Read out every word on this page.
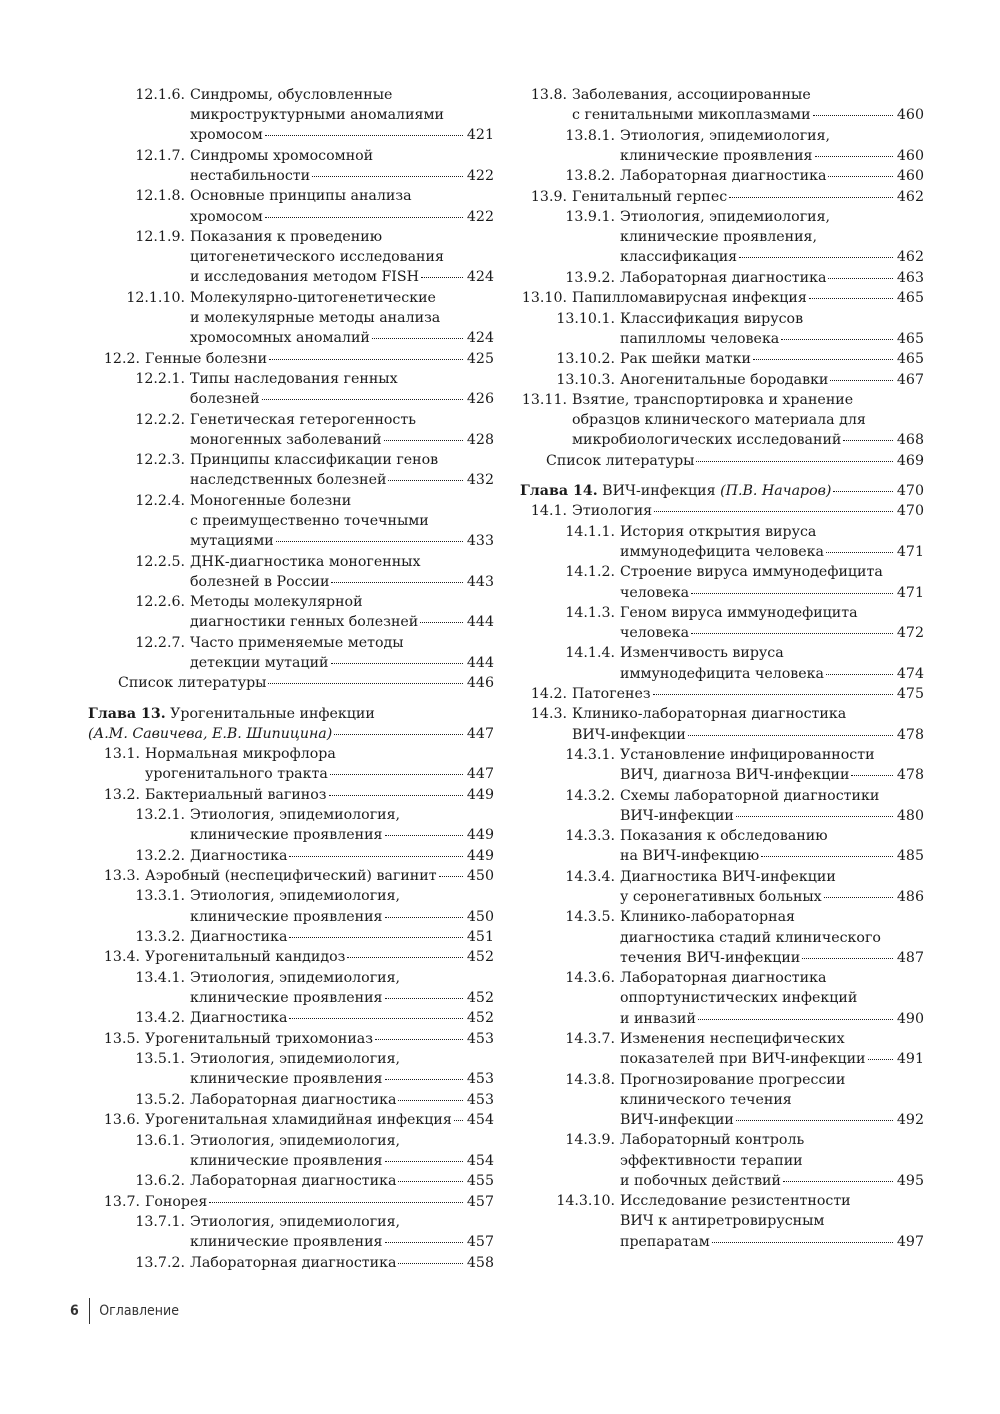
12.1.6. Синдромы, обусловленные
микроструктурными аномалиями
хромосом	421
12.1.7. Синдромы хромосомной
нестабильности	422
12.1.8. Основные принципы анализа
хромосом	422
12.1.9. Показания к проведению
цитогенетического исследования
и исследования методом FISH	424
12.1.10. Молекулярно-цитогенетические
и молекулярные методы анализа
хромосомных аномалий	424
12.2. Генные болезни	425
12.2.1. Типы наследования генных
болезней	426
12.2.2. Генетическая гетерогенность
моногенных заболеваний	428
12.2.3. Принципы классификации генов
наследственных болезней	432
12.2.4. Моногенные болезни
с преимущественно точечными
мутациями	433
12.2.5. ДНК-диагностика моногенных
болезней в России	443
12.2.6. Методы молекулярной
диагностики генных болезней	444
12.2.7. Часто применяемые методы
детекции мутаций	444
Список литературы	446
Глава 13. Урогенитальные инфекции
(А.М. Савичева, Е.В. Шипицина)	447
13.1. Нормальная микрофлора
урогенитального тракта	447
13.2. Бактериальный вагиноз	449
13.2.1. Этиология, эпидемиология,
клинические проявления	449
13.2.2. Диагностика	449
13.3. Аэробный (неспецифический) вагинит 450
13.3.1. Этиология, эпидемиология,
клинические проявления	450
13.3.2. Диагностика	451
13.4. Урогенитальный кандидоз	452
13.4.1. Этиология, эпидемиология,
клинические проявления	452
13.4.2. Диагностика	452
13.5. Урогенитальный трихомониаз	453
13.5.1. Этиология, эпидемиология,
клинические проявления	453
13.5.2. Лабораторная диагностика	453
13.6. Урогенитальная хламидийная инфекция 454
13.6.1. Этиология, эпидемиология,
клинические проявления	454
13.6.2. Лабораторная диагностика	455
13.7. Гонорея	457
13.7.1. Этиология, эпидемиология,
клинические проявления	457
13.7.2. Лабораторная диагностика	458
13.8. Заболевания, ассоциированные
с генитальными микоплазмами	460
13.8.1. Этиология, эпидемиология,
клинические проявления	460
13.8.2. Лабораторная диагностика	460
13.9. Генитальный герпес	462
13.9.1. Этиология, эпидемиология,
клинические проявления,
классификация	462
13.9.2. Лабораторная диагностика	463
13.10. Папилломавирусная инфекция	465
13.10.1. Классификация вирусов
папилломы человека	465
13.10.2. Рак шейки матки	465
13.10.3. Аногенитальные бородавки	467
13.11. Взятие, транспортировка и хранение
образцов клинического материала для
микробиологических исследований	468
Список литературы	469
Глава 14. ВИЧ-инфекция (П.В. Начаров)	470
14.1. Этиология	470
14.1.1. История открытия вируса
иммунодефицита человека	471
14.1.2. Строение вируса иммунодефицита
человека	471
14.1.3. Геном вируса иммунодефицита
человека	472
14.1.4. Изменчивость вируса
иммунодефицита человека	474
14.2. Патогенез	475
14.3. Клинико-лабораторная диагностика
ВИЧ-инфекции	478
14.3.1. Установление инфицированности
ВИЧ, диагноза ВИЧ-инфекции	478
14.3.2. Схемы лабораторной диагностики
ВИЧ-инфекции	480
14.3.3. Показания к обследованию
на ВИЧ-инфекцию	485
14.3.4. Диагностика ВИЧ-инфекции
у серонегативных больных	486
14.3.5. Клинико-лабораторная
диагностика стадий клинического
течения ВИЧ-инфекции	487
14.3.6. Лабораторная диагностика
оппортунистических инфекций
и инвазий	490
14.3.7. Изменения неспецифических
показателей при ВИЧ-инфекции 491
14.3.8. Прогнозирование прогрессии
клинического течения
ВИЧ-инфекции	492
14.3.9. Лабораторный контроль
эффективности терапии
и побочных действий	495
14.3.10. Исследование резистентности
ВИЧ к антиретровирусным
препаратам	497
6 Оглавление
